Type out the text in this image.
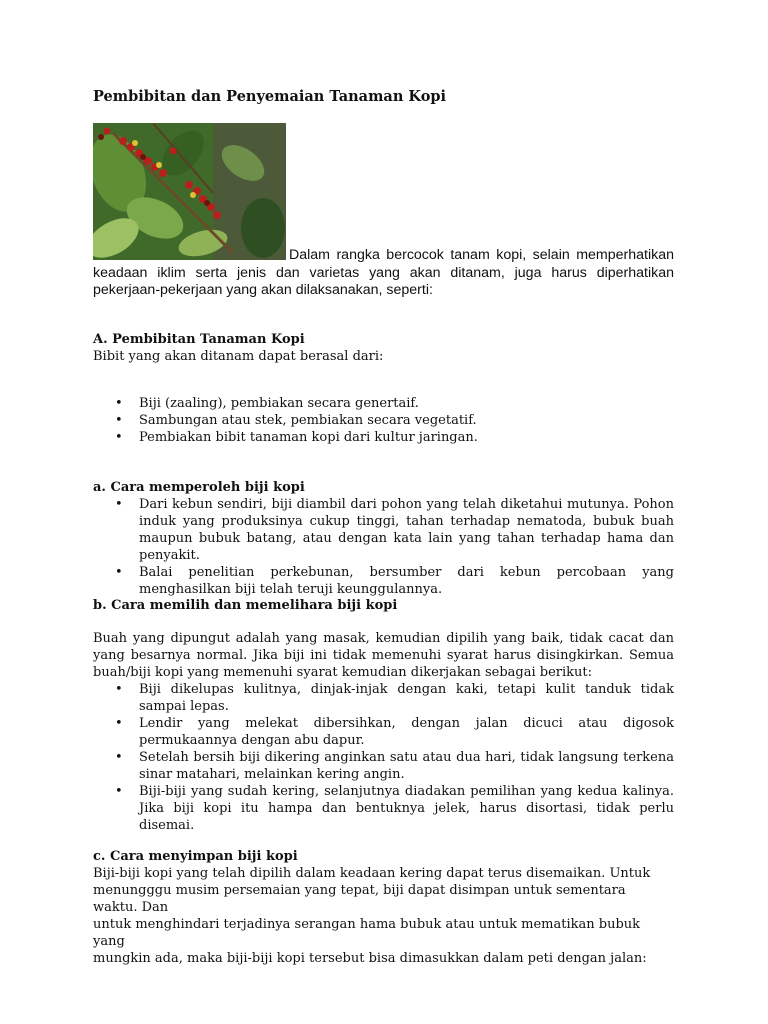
Pembibitan dan Penyemaian Tanaman Kopi

Dalam rangka bercocok tanam kopi, selain memperhatikan keadaan iklim serta jenis dan varietas yang akan ditanam, juga harus diperhatikan pekerjaan-pekerjaan yang akan dilaksanakan, seperti:

A. Pembibitan Tanaman Kopi

Bibit yang akan ditanam dapat berasal dari:

• Biji (zaaling), pembiakan secara genertaif.
• Sambungan atau stek, pembiakan secara vegetatif.
• Pembiakan bibit tanaman kopi dari kultur jaringan.
a. Cara memperoleh biji kopi
• Dari kebun sendiri, biji diambil dari pohon yang telah diketahui mutunya. Pohon induk yang produksinya cukup tinggi, tahan terhadap nematoda, bubuk buah maupun bubuk batang, atau dengan kata lain yang tahan terhadap hama dan penyakit.
• Balai penelitian perkebunan, bersumber dari kebun percobaan yang menghasilkan biji telah teruji keunggulannya.
b. Cara memilih dan memelihara biji kopi

Buah yang dipungut adalah yang masak, kemudian dipilih yang baik, tidak cacat dan yang besarnya normal. Jika biji ini tidak memenuhi syarat harus disingkirkan. Semua buah/biji kopi yang memenuhi syarat kemudian dikerjakan sebagai berikut:

• Biji dikelupas kulitnya, dinjak-injak dengan kaki, tetapi kulit tanduk tidak sampai lepas.
• Lendir yang melekat dibersihkan, dengan jalan dicuci atau digosok permukaannya dengan abu dapur.
• Setelah bersih biji dikering anginkan satu atau dua hari, tidak langsung terkena sinar matahari, melainkan kering angin.
• Biji-biji yang sudah kering, selanjutnya diadakan pemilihan yang kedua kalinya. Jika biji kopi itu hampa dan bentuknya jelek, harus disortasi, tidak perlu disemai.
c. Cara menyimpan biji kopi
Biji-biji kopi yang telah dipilih dalam keadaan kering dapat terus disemaikan. Untuk
menungggu musim persemaian yang tepat, biji dapat disimpan untuk sementara waktu. Dan
untuk menghindari terjadinya serangan hama bubuk atau untuk mematikan bubuk yang
mungkin ada, maka biji-biji kopi tersebut bisa dimasukkan dalam peti dengan jalan:
